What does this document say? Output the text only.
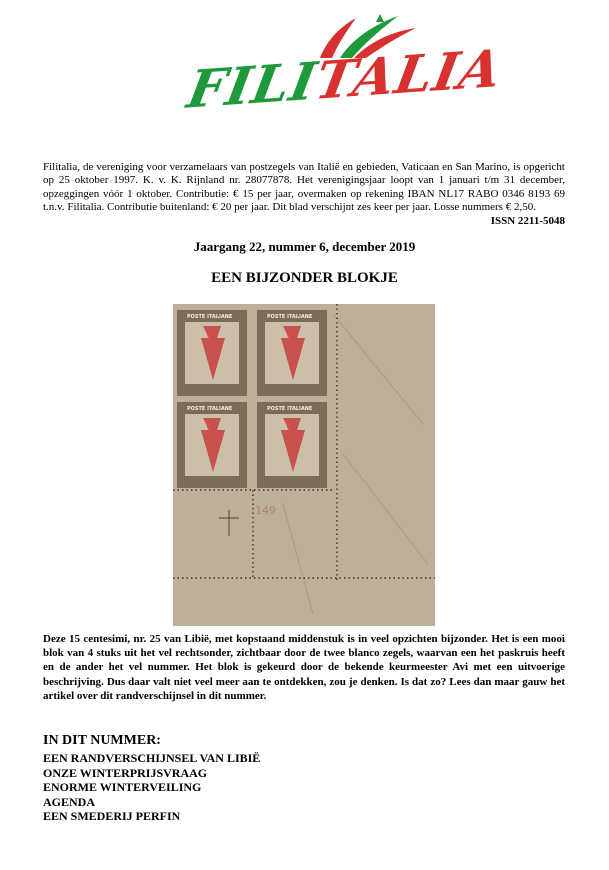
FILITALIA
Filitalia, de vereniging voor verzamelaars van postzegels van Italië en gebieden, Vaticaan en San Marino, is opgericht op 25 oktober 1997. K. v. K. Rijnland nr. 28077878. Het verenigingsjaar loopt van 1 januari t/m 31 december, opzeggingen vóór 1 oktober. Contributie: € 15 per jaar, overmaken op rekening IBAN NL17 RABO 0346 8193 69 t.n.v. Filitalia. Contributie buitenland: € 20 per jaar. Dit blad verschijnt zes keer per jaar. Losse nummers € 2,50.
ISSN 2211-5048
Jaargang 22, nummer 6, december 2019
EEN BIJZONDER BLOKJE
POSTE ITALIANE	POSTE ITALIANE
POSTE ITALIANE	POSTE ITALIANE
149
Deze 15 centesimi, nr. 25 van Libië, met kopstaand middenstuk is in veel opzichten bijzonder. Het is een mooi blok van 4 stuks uit het vel rechtsonder, zichtbaar door de twee blanco zegels, waarvan een het paskruis heeft en de ander het vel nummer. Het blok is gekeurd door de bekende keurmeester Avi met een uitvoerige beschrijving. Dus daar valt niet veel meer aan te ontdekken, zou je denken. Is dat zo? Lees dan maar gauw het artikel over dit randverschijnsel in dit nummer.
IN DIT NUMMER:
EEN RANDVERSCHIJNSEL VAN LIBIË
ONZE WINTERPRIJSVRAAG
ENORME WINTERVEILING
AGENDA
EEN SMEDERIJ PERFIN
